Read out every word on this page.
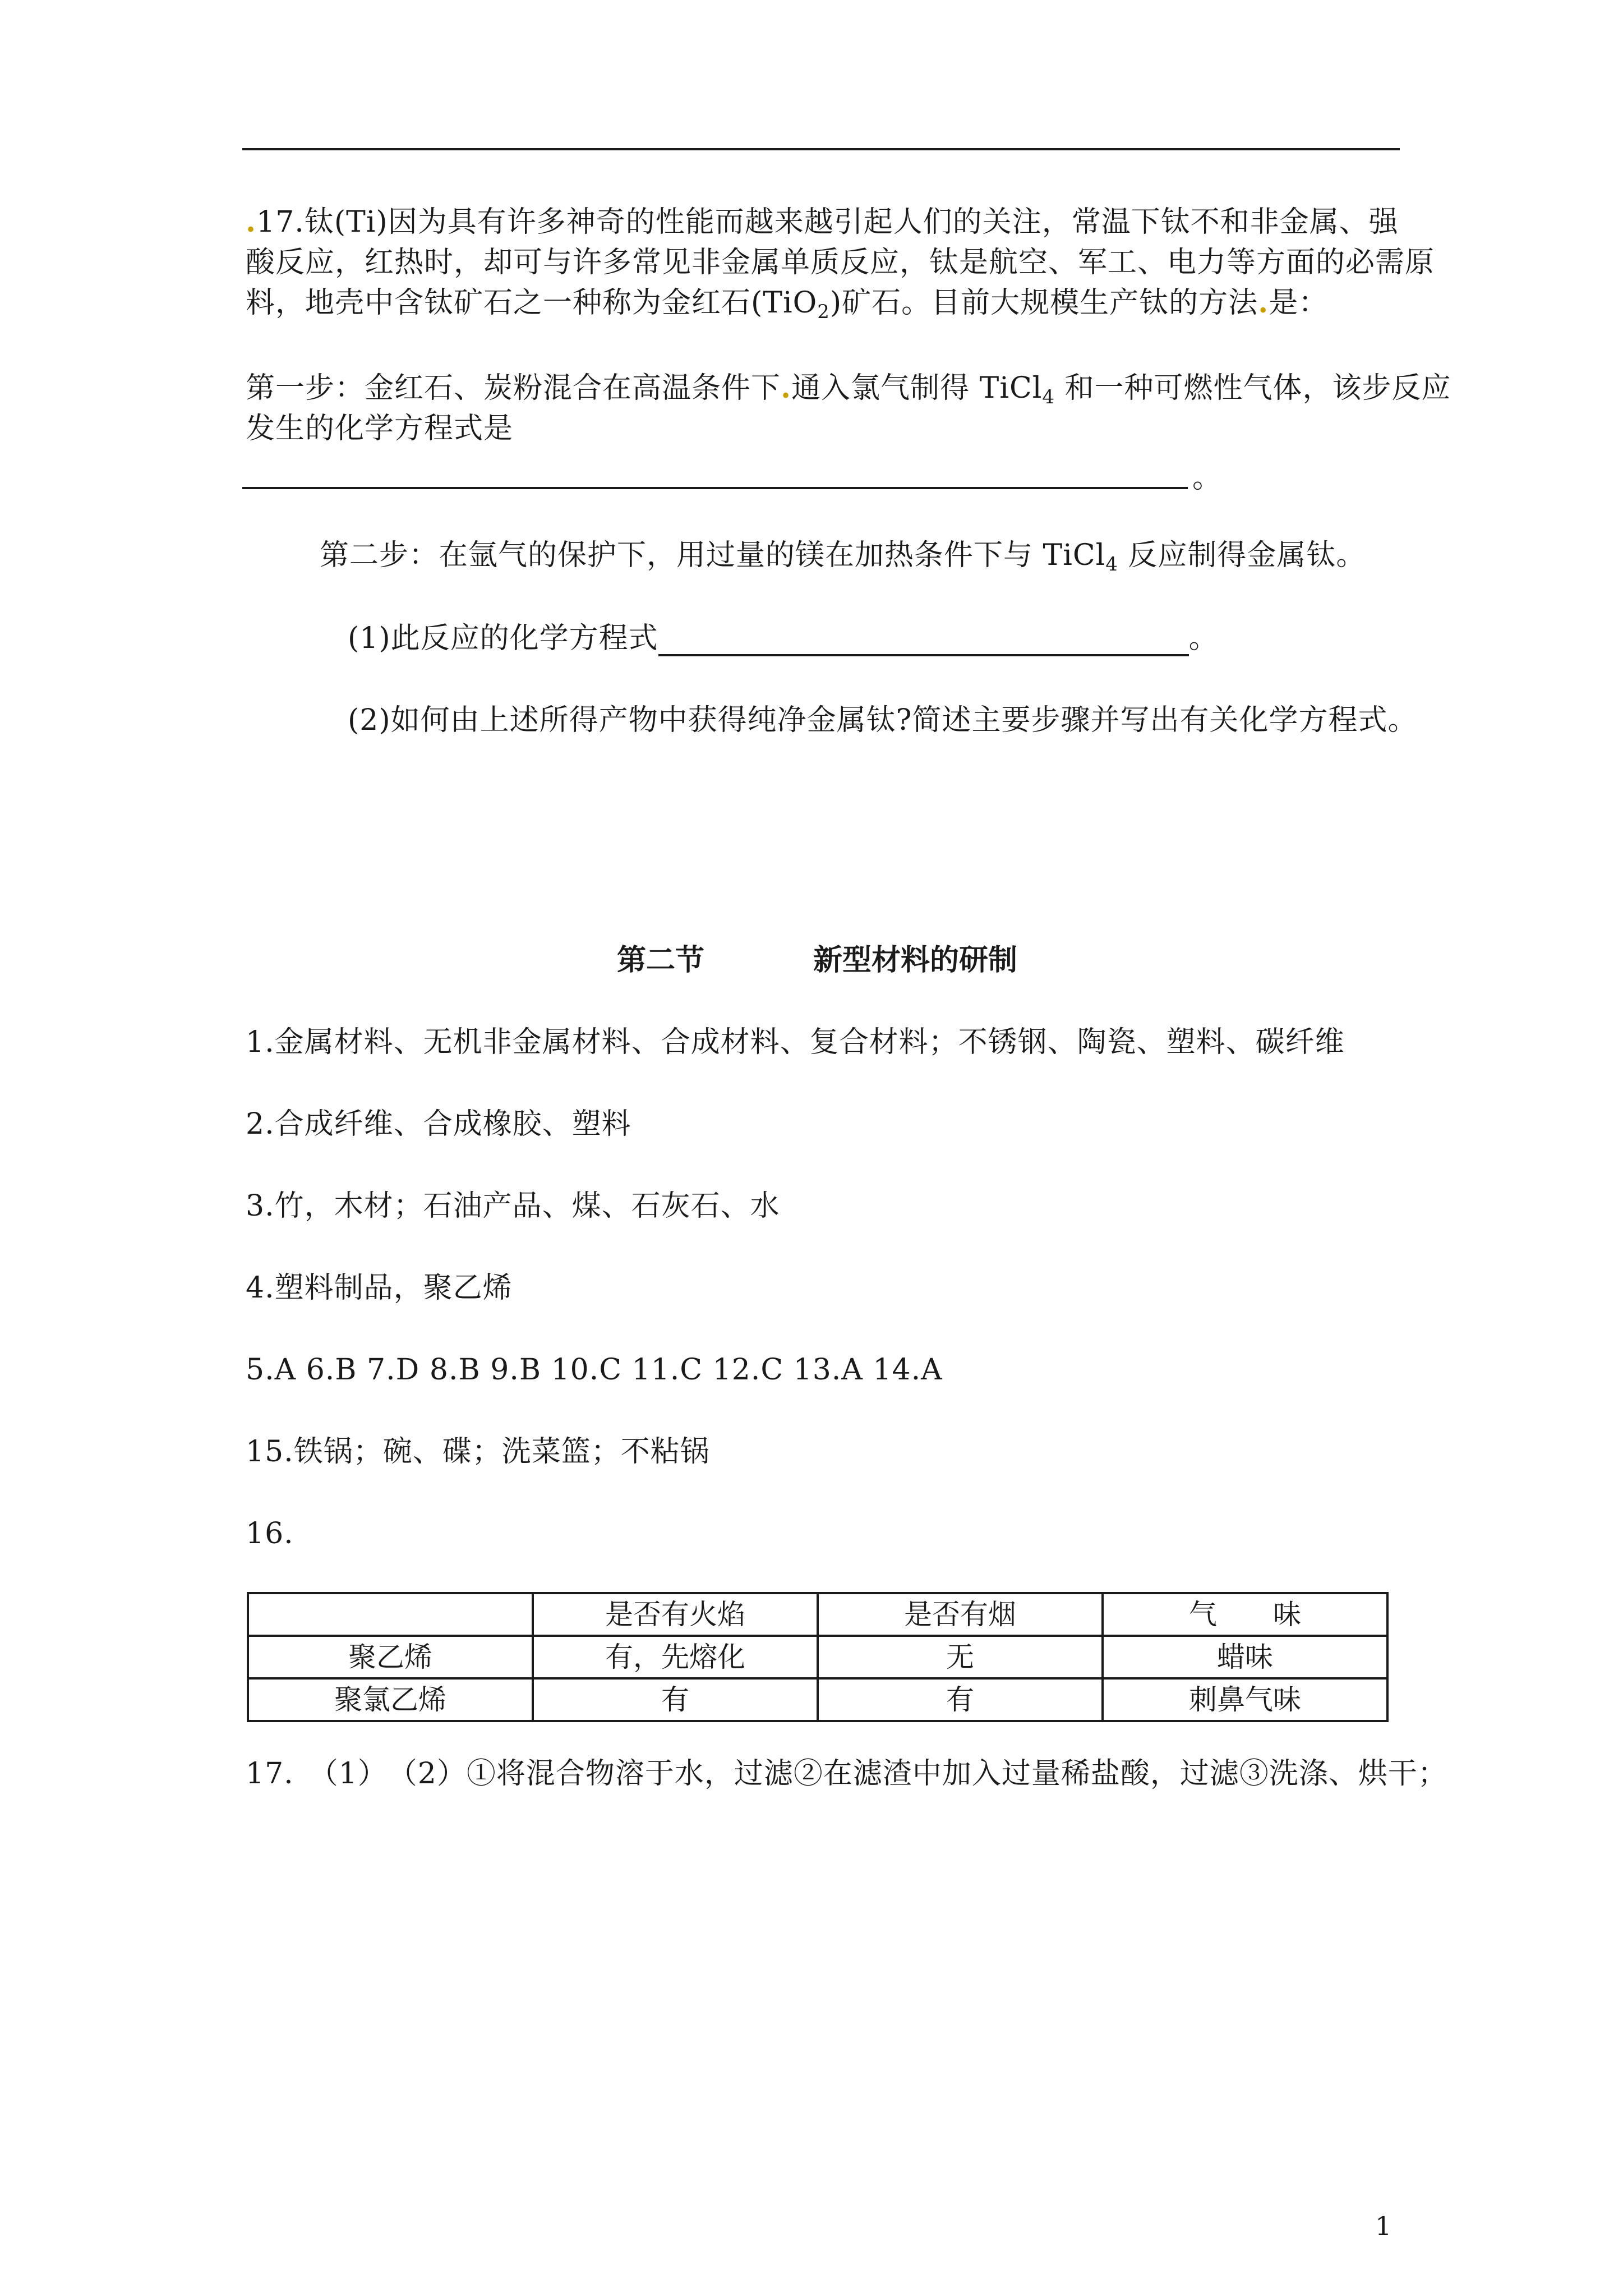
.17.钛(Ti)因为具有许多神奇的性能而越来越引起人们的关注，常温下钛不和非金属、强
酸反应，红热时，却可与许多常见非金属单质反应，钛是航空、军工、电力等方面的必需原
料，地壳中含钛矿石之一种称为金红石(TiO$_2$)矿石。目前大规模生产钛的方法.是：
第一步：金红石、炭粉混合在高温条件下.通入氯气制得 TiCl$_4$ 和一种可燃性气体，该步反应
发生的化学方程式是
。
第二步：在氩气的保护下，用过量的镁在加热条件下与 TiCl$_4$ 反应制得金属钛。
(1)此反应的化学方程式	。
(2)如何由上述所得产物中获得纯净金属钛?简述主要步骤并写出有关化学方程式。
第二节	新型材料的研制
1.金属材料、无机非金属材料、合成材料、复合材料；不锈钢、陶瓷、塑料、碳纤维
2.合成纤维、合成橡胶、塑料
3.竹，木材；石油产品、煤、石灰石、水
4.塑料制品，聚乙烯
5.A 6.B 7.D 8.B 9.B 10.C 11.C 12.C 13.A 14.A
15.铁锅；碗、碟；洗菜篮；不粘锅
16.
	是否有火焰	是否有烟	气　　味
聚乙烯	有，先熔化	无	蜡味
聚氯乙烯	有	有	刺鼻气味
17.　（1）　（2）①将混合物溶于水，过滤②在滤渣中加入过量稀盐酸，过滤③洗涤、烘干；
1
